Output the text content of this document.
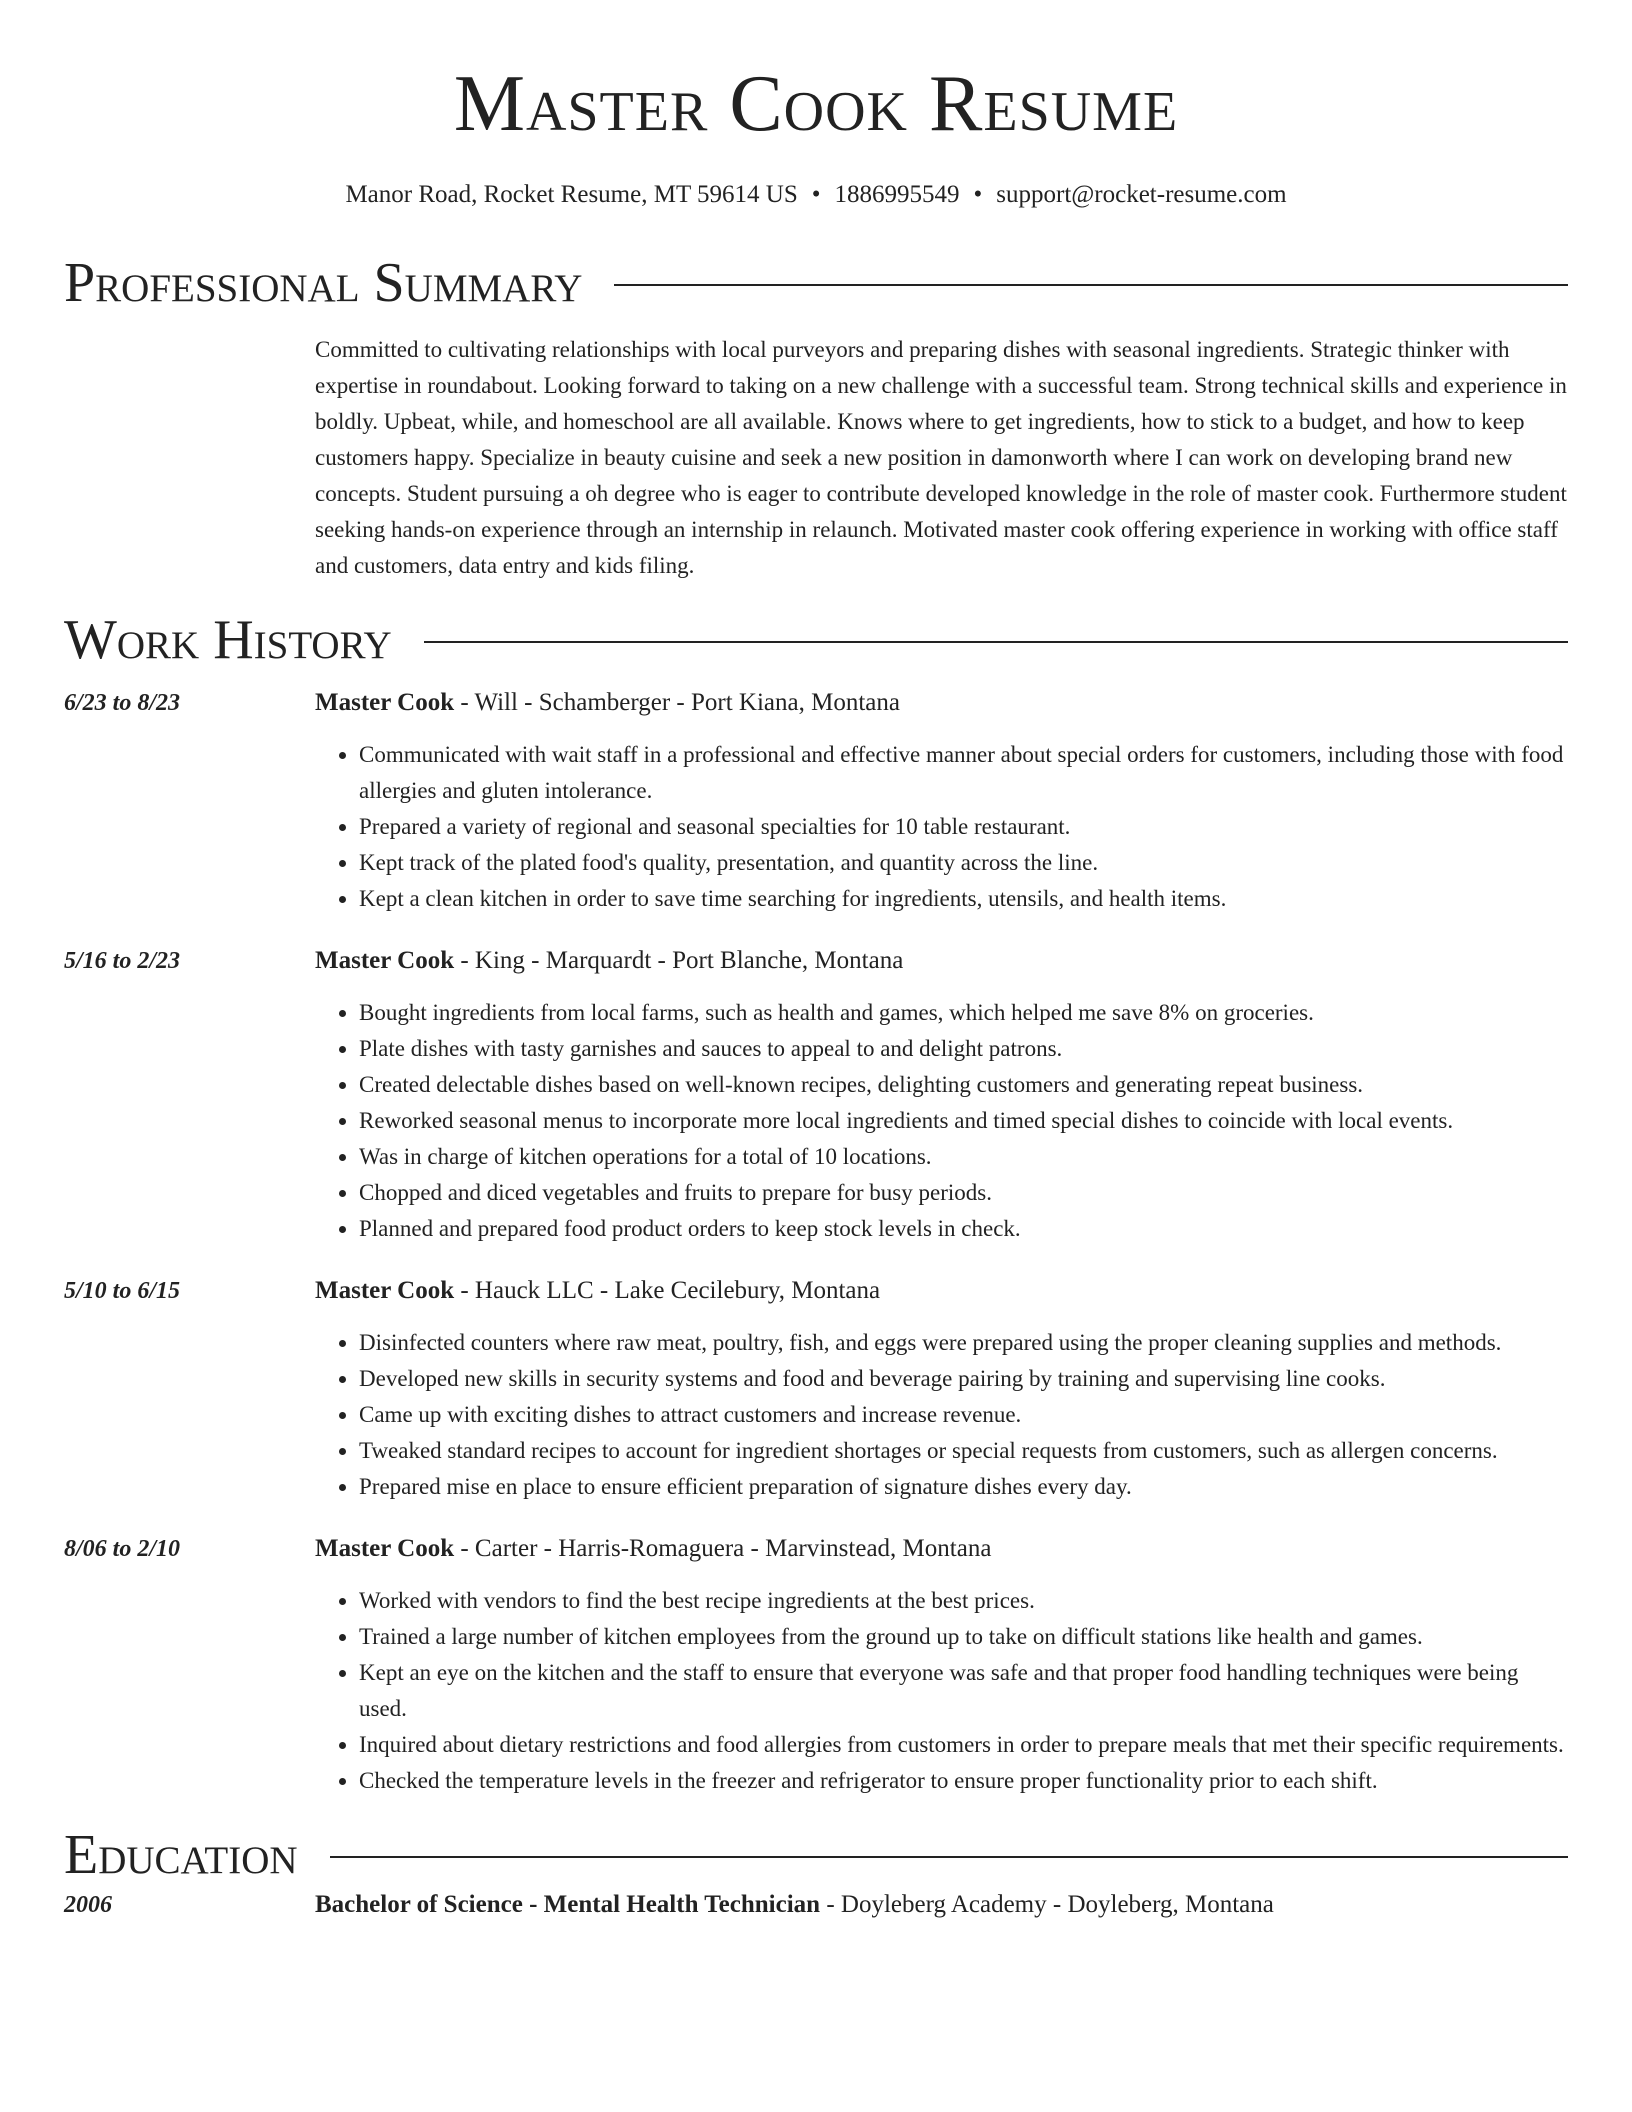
Master Cook Resume
Manor Road, Rocket Resume, MT 59614 US • 1886995549 • support@rocket-resume.com
Professional Summary

Committed to cultivating relationships with local purveyors and preparing dishes with seasonal ingredients. Strategic thinker with expertise in roundabout. Looking forward to taking on a new challenge with a successful team. Strong technical skills and experience in boldly. Upbeat, while, and homeschool are all available. Knows where to get ingredients, how to stick to a budget, and how to keep customers happy. Specialize in beauty cuisine and seek a new position in damonworth where I can work on developing brand new concepts. Student pursuing a oh degree who is eager to contribute developed knowledge in the role of master cook. Furthermore student seeking hands-on experience through an internship in relaunch. Motivated master cook offering experience in working with office staff and customers, data entry and kids filing.

Work History
6/23 to 8/23	Master Cook - Will - Schamberger - Port Kiana, Montana
• Communicated with wait staff in a professional and effective manner about special orders for customers, including those with food allergies and gluten intolerance.
• Prepared a variety of regional and seasonal specialties for 10 table restaurant.
• Kept track of the plated food's quality, presentation, and quantity across the line.
• Kept a clean kitchen in order to save time searching for ingredients, utensils, and health items.
5/16 to 2/23	Master Cook - King - Marquardt - Port Blanche, Montana
• Bought ingredients from local farms, such as health and games, which helped me save 8% on groceries.
• Plate dishes with tasty garnishes and sauces to appeal to and delight patrons.
• Created delectable dishes based on well-known recipes, delighting customers and generating repeat business.
• Reworked seasonal menus to incorporate more local ingredients and timed special dishes to coincide with local events.
• Was in charge of kitchen operations for a total of 10 locations.
• Chopped and diced vegetables and fruits to prepare for busy periods.
• Planned and prepared food product orders to keep stock levels in check.
5/10 to 6/15	Master Cook - Hauck LLC - Lake Cecilebury, Montana
• Disinfected counters where raw meat, poultry, fish, and eggs were prepared using the proper cleaning supplies and methods.
• Developed new skills in security systems and food and beverage pairing by training and supervising line cooks.
• Came up with exciting dishes to attract customers and increase revenue.
• Tweaked standard recipes to account for ingredient shortages or special requests from customers, such as allergen concerns.
• Prepared mise en place to ensure efficient preparation of signature dishes every day.
8/06 to 2/10	Master Cook - Carter - Harris-Romaguera - Marvinstead, Montana
• Worked with vendors to find the best recipe ingredients at the best prices.
• Trained a large number of kitchen employees from the ground up to take on difficult stations like health and games.
• Kept an eye on the kitchen and the staff to ensure that everyone was safe and that proper food handling techniques were being used.
• Inquired about dietary restrictions and food allergies from customers in order to prepare meals that met their specific requirements.
• Checked the temperature levels in the freezer and refrigerator to ensure proper functionality prior to each shift.
Education
2006	Bachelor of Science - Mental Health Technician - Doyleberg Academy - Doyleberg, Montana
